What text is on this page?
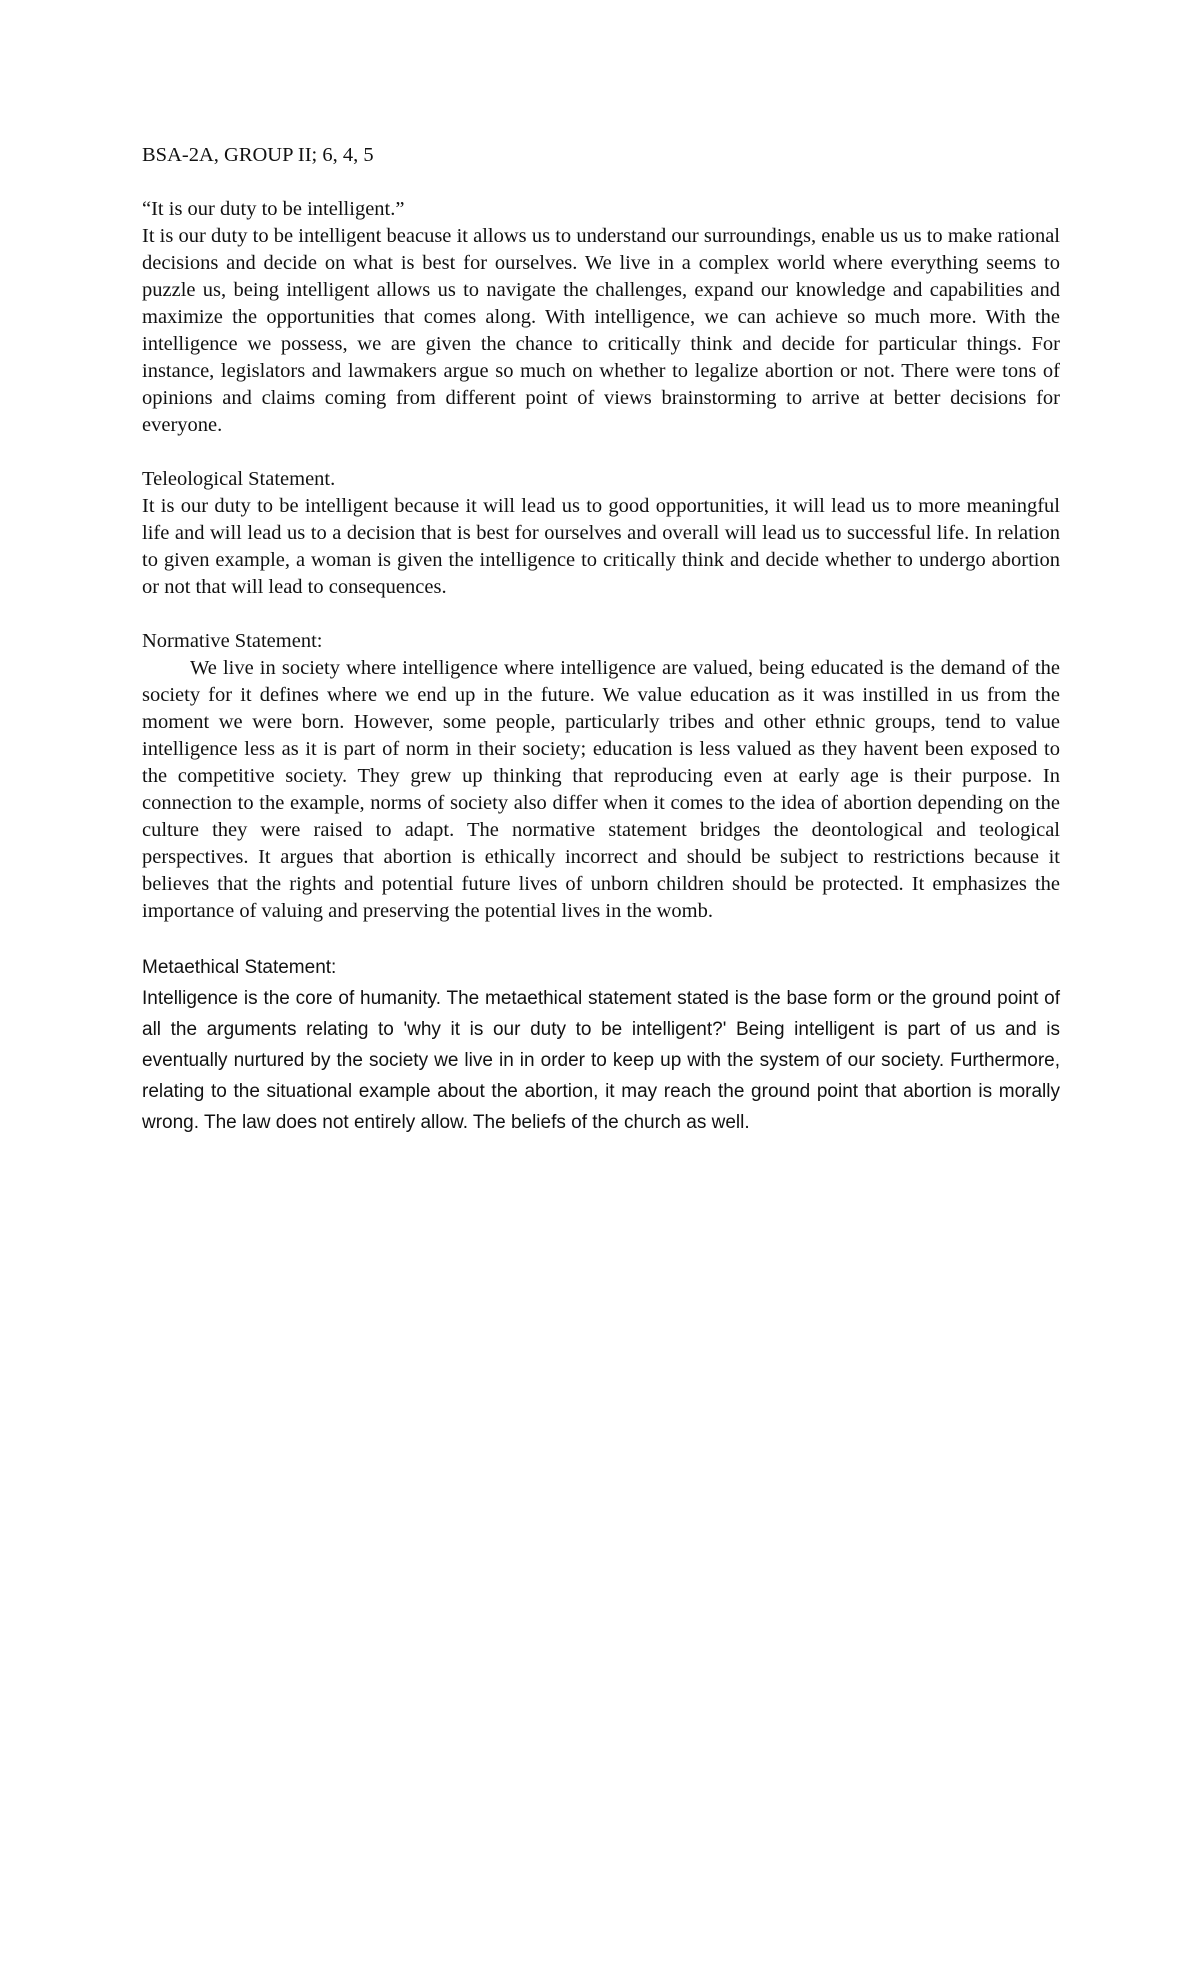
BSA-2A, GROUP II; 6, 4, 5

“It is our duty to be intelligent.”

It is our duty to be intelligent beacuse it allows us to understand our surroundings, enable us us to make rational decisions and decide on what is best for ourselves. We live in a complex world where everything seems to puzzle us, being intelligent allows us to navigate the challenges, expand our knowledge and capabilities and maximize the opportunities that comes along. With intelligence, we can achieve so much more. With the intelligence we possess, we are given the chance to critically think and decide for particular things. For instance, legislators and lawmakers argue so much on whether to legalize abortion or not. There were tons of opinions and claims coming from different point of views brainstorming to arrive at better decisions for everyone.

Teleological Statement.

It is our duty to be intelligent because it will lead us to good opportunities, it will lead us to more meaningful life and will lead us to a decision that is best for ourselves and overall will lead us to successful life. In relation to given example, a woman is given the intelligence to critically think and decide whether to undergo abortion or not that will lead to consequences.

Normative Statement:

We live in society where intelligence where intelligence are valued, being educated is the demand of the society for it defines where we end up in the future. We value education as it was instilled in us from the moment we were born. However, some people, particularly tribes and other ethnic groups, tend to value intelligence less as it is part of norm in their society; education is less valued as they havent been exposed to the competitive society. They grew up thinking that reproducing even at early age is their purpose. In connection to the example, norms of society also differ when it comes to the idea of abortion depending on the culture they were raised to adapt. The normative statement bridges the deontological and teological perspectives. It argues that abortion is ethically incorrect and should be subject to restrictions because it believes that the rights and potential future lives of unborn children should be protected. It emphasizes the importance of valuing and preserving the potential lives in the womb.

Metaethical Statement:

Intelligence is the core of humanity. The metaethical statement stated is the base form or the ground point of all the arguments relating to 'why it is our duty to be intelligent?' Being intelligent is part of us and is eventually nurtured by the society we live in in order to keep up with the system of our society. Furthermore, relating to the situational example about the abortion, it may reach the ground point that abortion is morally wrong. The law does not entirely allow. The beliefs of the church as well.
